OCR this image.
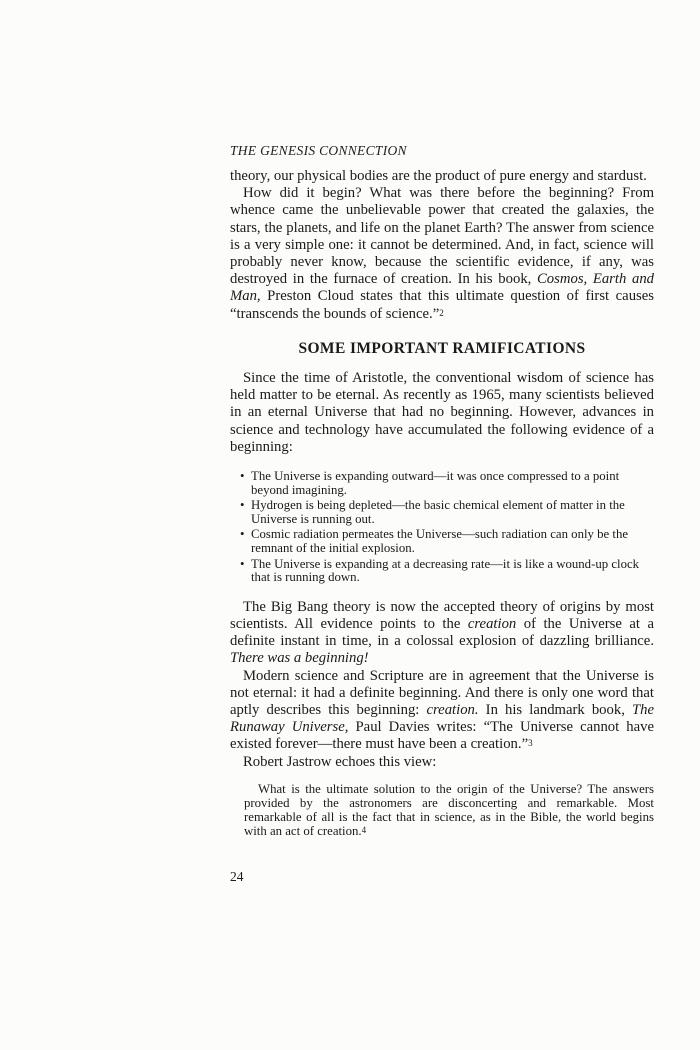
THE GENESIS CONNECTION

theory, our physical bodies are the product of pure energy and stardust.

How did it begin? What was there before the beginning? From whence came the unbelievable power that created the galaxies, the stars, the planets, and life on the planet Earth? The answer from science is a very simple one: it cannot be determined. And, in fact, science will probably never know, because the scientific evidence, if any, was destroyed in the furnace of creation. In his book, Cosmos, Earth and Man, Preston Cloud states that this ultimate question of first causes “transcends the bounds of science.”$^2$

SOME IMPORTANT RAMIFICATIONS

Since the time of Aristotle, the conventional wisdom of science has held matter to be eternal. As recently as 1965, many scientists believed in an eternal Universe that had no beginning. However, advances in science and technology have accumulated the following evidence of a beginning:

• The Universe is expanding outward—it was once compressed to a point beyond imagining.
• Hydrogen is being depleted—the basic chemical element of matter in the Universe is running out.
• Cosmic radiation permeates the Universe—such radiation can only be the remnant of the initial explosion.
• The Universe is expanding at a decreasing rate—it is like a wound-up clock that is running down.

The Big Bang theory is now the accepted theory of origins by most scientists. All evidence points to the creation of the Universe at a definite instant in time, in a colossal explosion of dazzling brilliance. There was a beginning!

Modern science and Scripture are in agreement that the Universe is not eternal: it had a definite beginning. And there is only one word that aptly describes this beginning: creation. In his landmark book, The Runaway Universe, Paul Davies writes: “The Universe cannot have existed forever—there must have been a creation.”$^3$

Robert Jastrow echoes this view:

What is the ultimate solution to the origin of the Universe? The answers provided by the astronomers are disconcerting and remarkable. Most remarkable of all is the fact that in science, as in the Bible, the world begins with an act of creation.$^4$

24
